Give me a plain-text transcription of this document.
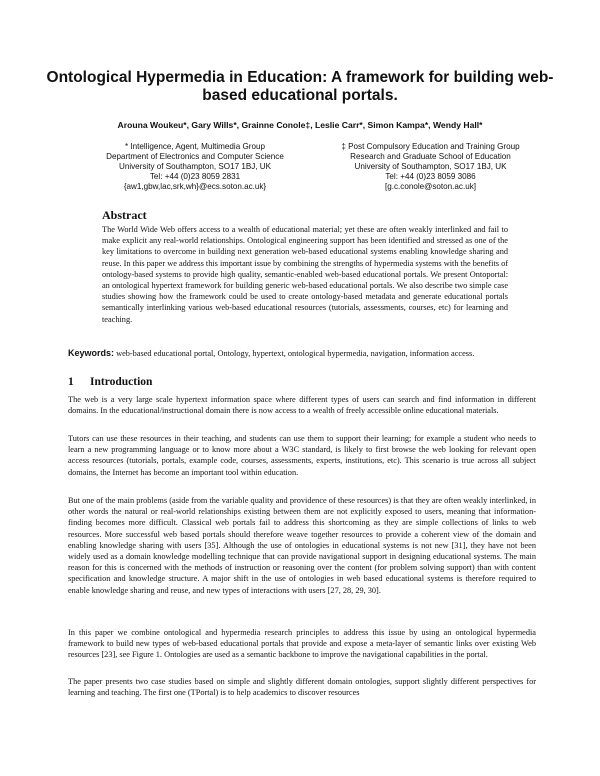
Ontological Hypermedia in Education: A framework for building web-based educational portals.
Arouna Woukeu*, Gary Wills*, Grainne Conole‡, Leslie Carr*, Simon Kampa*, Wendy Hall*
* Intelligence, Agent, Multimedia Group
Department of Electronics and Computer Science
University of Southampton, SO17 1BJ, UK
Tel: +44 (0)23 8059 2831
{aw1,gbw,lac,srk,wh}@ecs.soton.ac.uk}
‡ Post Compulsory Education and Training Group
Research and Graduate School of Education
University of Southampton, SO17 1BJ, UK
Tel: +44 (0)23 8059 3086
[g.c.conole@soton.ac.uk]
Abstract

The World Wide Web offers access to a wealth of educational material; yet these are often weakly interlinked and fail to make explicit any real-world relationships. Ontological engineering support has been identified and stressed as one of the key limitations to overcome in building next generation web-based educational systems enabling knowledge sharing and reuse. In this paper we address this important issue by combining the strengths of hypermedia systems with the benefits of ontology-based systems to provide high quality, semantic-enabled web-based educational portals. We present Ontoportal: an ontological hypertext framework for building generic web-based educational portals. We also describe two simple case studies showing how the framework could be used to create ontology-based metadata and generate educational portals semantically interlinking various web-based educational resources (tutorials, assessments, courses, etc) for learning and teaching.

Keywords: web-based educational portal, Ontology, hypertext, ontological hypermedia, navigation, information access.

1 Introduction

The web is a very large scale hypertext information space where different types of users can search and find information in different domains. In the educational/instructional domain there is now access to a wealth of freely accessible online educational materials.

Tutors can use these resources in their teaching, and students can use them to support their learning; for example a student who needs to learn a new programming language or to know more about a W3C standard, is likely to first browse the web looking for relevant open access resources (tutorials, portals, example code, courses, assessments, experts, institutions, etc). This scenario is true across all subject domains, the Internet has become an important tool within education.

But one of the main problems (aside from the variable quality and providence of these resources) is that they are often weakly interlinked, in other words the natural or real-world relationships existing between them are not explicitly exposed to users, meaning that information-finding becomes more difficult. Classical web portals fail to address this shortcoming as they are simple collections of links to web resources. More successful web based portals should therefore weave together resources to provide a coherent view of the domain and enabling knowledge sharing with users [35]. Although the use of ontologies in educational systems is not new [31], they have not been widely used as a domain knowledge modelling technique that can provide navigational support in designing educational systems. The main reason for this is concerned with the methods of instruction or reasoning over the content (for problem solving support) than with content specification and knowledge structure. A major shift in the use of ontologies in web based educational systems is therefore required to enable knowledge sharing and reuse, and new types of interactions with users [27, 28, 29, 30].

In this paper we combine ontological and hypermedia research principles to address this issue by using an ontological hypermedia framework to build new types of web-based educational portals that provide and expose a meta-layer of semantic links over existing Web resources [23], see Figure 1. Ontologies are used as a semantic backbone to improve the navigational capabilities in the portal.

The paper presents two case studies based on simple and slightly different domain ontologies, support slightly different perspectives for learning and teaching. The first one (TPortal) is to help academics to discover resources
